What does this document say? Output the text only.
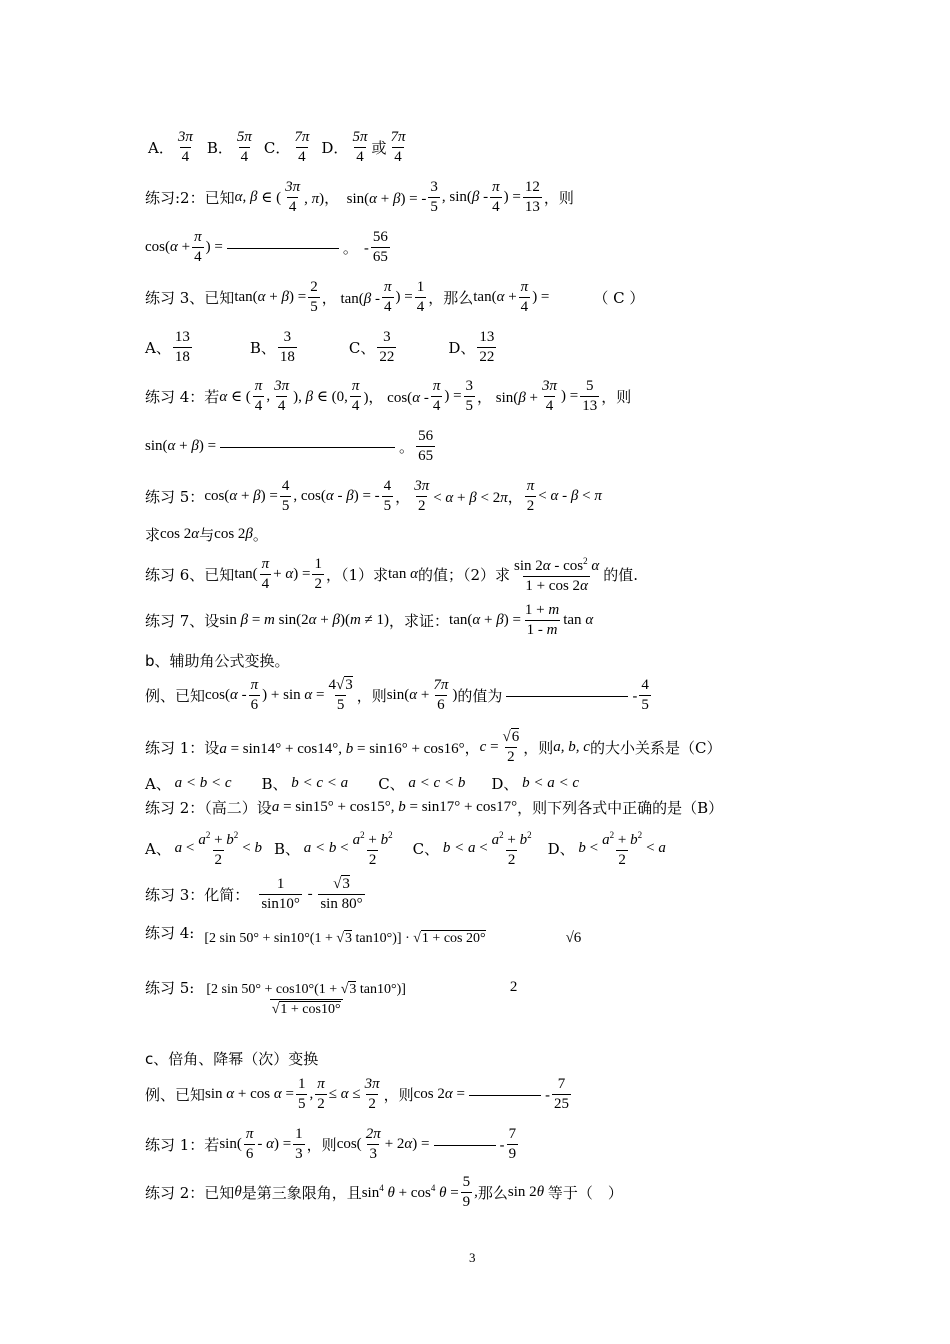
A． $\frac{3\pi}{4}$ B． $\frac{5\pi}{4}$ C． $\frac{7\pi}{4}$ D． $\frac{5\pi}{4}$ 或 $\frac{7\pi}{4}$
练习:2：已知 α, β ∈ ( $\frac{3\pi}{4}$ , π)，  sin(α + β) = - $\frac{3}{5}$ , $\sin(\beta - \frac{\pi}{4}$ ) = $\frac{12}{13}$ ，则
$\cos(\alpha + \frac{\pi}{4}$ ) =	。 - $\frac{56}{65}$
练习 3、已知 $\tan(\alpha + \beta) = \frac{2}{5}$ ， $\tan(\beta - \frac{\pi}{4}$ ) = $\frac{1}{4}$ ，那么 $\tan(\alpha + \frac{\pi}{4}$ ) =	（ C ）
A、 $\frac{13}{18}$	B、 $\frac{3}{18}$	C、 $\frac{3}{22}$	D、 $\frac{13}{22}$
练习 4：若 α ∈ ( $\frac{\pi}{4}$ , $\frac{3\pi}{4}$ ), β ∈ (0, $\frac{\pi}{4}$ )， $\cos(\alpha - \frac{\pi}{4}$ ) = $\frac{3}{5}$ ， $\sin(\beta + \frac{3\pi}{4}$ ) = $\frac{5}{13}$ ，则
sin(α + β) =	。 $\frac{56}{65}$
练习 5： $\cos(\alpha + \beta) = \frac{4}{5}$ , cos(α - β) = - $\frac{4}{5}$ ， $\frac{3\pi}{2} < \alpha + \beta < 2\pi$， $\frac{\pi}{2} < \alpha - \beta < \pi$
求 cos 2α 与 cos 2β 。
练习 6、已知 $\tan( \frac{\pi}{4} + \alpha) = \frac{1}{2}$ ，（1）求 tan α 的值；（2）求 $\frac{\sin 2\alpha - \cos^2 \alpha}{1 + \cos 2\alpha}$ 的值.
练习 7、设 sin β = m sin(2α + β)(m ≠ 1) ，求证： $\tan(\alpha + \beta) = \frac{1 + m}{1 - m}$ tan α
b、辅助角公式变换。
例、已知 $\cos(\alpha - \frac{\pi}{6}$ ) + $\sin \alpha = \frac{4√3}{5}$ ，则 $\sin(\alpha + \frac{7\pi}{6}$ ) 的值为	- $\frac{4}{5}$
练习 1：设 a = sin14° + cos14°, b = sin16° + cos16°， $c = \frac{√6}{2}$ ，则 a, b, c 的大小关系是（C）
A、 a < b < c B、 b < c < a C、 a < c < b D、 b < a < c
练习 2：（高二）设 a = sin15° + cos15°, b = sin17° + cos17° ，则下列各式中正确的是（B）
A、 $a < \frac{a^2 + b^2}{2} < b$ B、 $a < b < \frac{a^2 + b^2}{2}$ C、 $b < a < \frac{a^2 + b^2}{2}$ D、 $b < \frac{a^2 + b^2}{2} < a$
练习 3：化简： $\frac{1}{\sin 10^\circ} - \frac{√3}{\sin 80^\circ}$
练习 4: [2 sin 50° + sin10°(1 + √3 tan10°)] · √1 + cos 20°	√6
练习 5: $\frac{[2 \sin 50^\circ + \cos 10^\circ(1 + √3 \tan 10^\circ)]}{√1 + \cos 10^\circ}$	2
c、倍角、降幂（次）变换
例、已知 $\sin \alpha + \cos \alpha = \frac{1}{5}$ , $\frac{\pi}{2} \le \alpha \le \frac{3\pi}{2}$ ，则 cos 2α =	- $\frac{7}{25}$
练习 1：若 $\sin( \frac{\pi}{6} - \alpha) = \frac{1}{3}$ ，则 $\cos( \frac{2\pi}{3} + 2\alpha)$ =	- $\frac{7}{9}$
练习 2：已知 θ 是第三象限角，且 $\sin^4 \theta + \cos^4 \theta = \frac{5}{9}$ , 那么 sin 2θ 等于（　）
3
